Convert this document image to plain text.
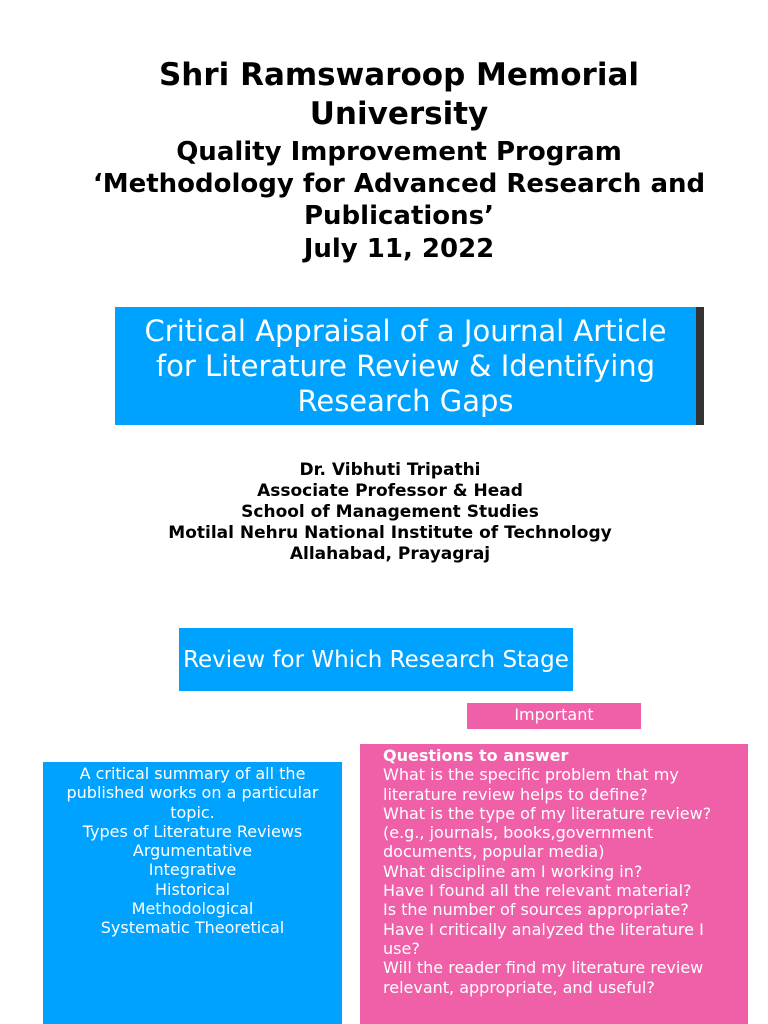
Shri Ramswaroop Memorial University
Quality Improvement Program
‘Methodology for Advanced Research and Publications’
July 11, 2022
Critical Appraisal of a Journal Article for Literature Review & Identifying Research Gaps
Dr. Vibhuti Tripathi
Associate Professor & Head
School of Management Studies
Motilal Nehru National Institute of Technology
Allahabad, Prayagraj
Review for Which Research Stage
Important
A critical summary of all the published works on a particular topic.
Types of Literature Reviews
Argumentative
Integrative
Historical
Methodological
Systematic Theoretical
Questions to answer
What is the specific problem that my literature review helps to define?
What is the type of my literature review? (e.g., journals, books,government documents, popular media)
What discipline am I working in?
Have I found all the relevant material?
Is the number of sources appropriate?
Have I critically analyzed the literature I use?
Will the reader find my literature review relevant, appropriate, and useful?
